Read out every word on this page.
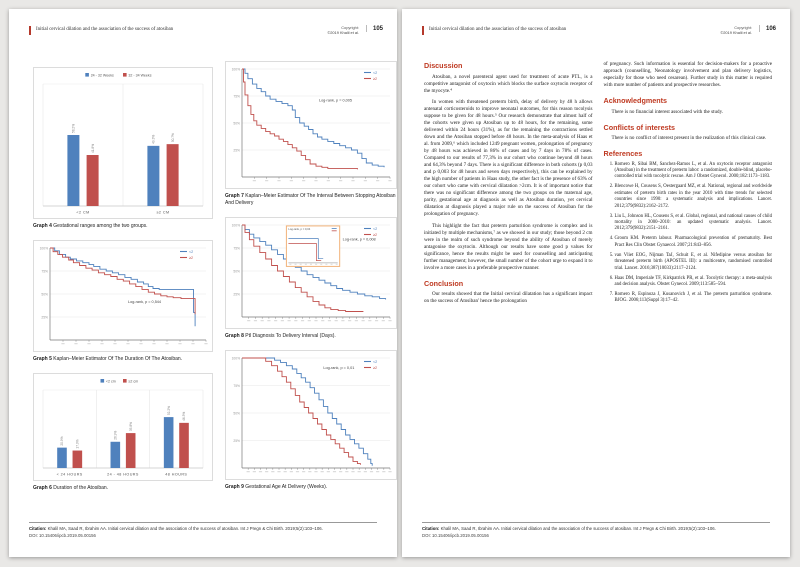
Initial cervical dilation and the association of the success of atosiban	Copyright:
©2019 Khalil et al.
105
24 - 32 Weeks	32 - 34 Weeks
58.2%
41.8%
<2 CM
49.3%	50.7%
≥2 CM
Graph 4 Gestational ranges among the two groups.
100%
75%
50%
25%
<2
≥2
Log-rank, p = 0,544
Graph 5 Kaplan–Meier Estimator Of The Duration Of The Atosiban.
<2 cm	≥2 cm
20.9%	17.9%
< 24 HOURS
26.9%
35.8%
24 - 48 HOURS
52.2%
46.3%
48 HOURS
Graph 6 Duration of the Atosiban.
100%
75%
50%
25%
<2
≥2
Log-rank, p = 0,005
Graph 7 Kaplan–Meier Estimator Of The Interval Between Stopping Atosiban And Delivery
100%
75%
50%
25%
<2
≥2
Log-rank, p = 0,008
Log-rank, p = 0,04
Graph 8 Ptl Diagnosis To Delivery Interval (Days).
100%
75%
50%
25%
<2
≥2
Log-rank, p = 0,01
Graph 9 Gestational Age At Delivery (Weeks).
Citation: Khalil MA, Saad R, Ibrahim AA. Initial cervical dilation and the association of the success of atosiban. Int J Pregn & Chi Birth. 2019;5(2):103‒106.
DOI: 10.15406/ipcb.2019.05.00156
Initial cervical dilation and the association of the success of atosiban	Copyright:
©2019 Khalil et al.
106
Discussion

Atosiban, a novel parenteral agent used for treatment of acute PTL, is a competitive antagonist of oxytocin which blocks the surface oxytocin receptor of the myocyte.⁴

In women with threatened preterm birth, delay of delivery by 48 h allows antenatal corticosteroids to improve neonatal outcomes, for this reason tocolysis suppose to be given for 48 hours.⁵ Our research demonstrate that almost half of the cohorts were given up Atosiban up to 48 hours, for the remaining, some delivered within 24 hours (31%), as for the remaining the contractions settled down and the Atosiban stopped before 48 hours. In the meta-analysis of Haas et al. from 2009,⁶ which included 1249 pregnant women, prolongation of pregnancy by 48 hours was achieved in 86% of cases and by 7 days in 78% of cases. Compared to our results of 77,3% in our cohort who continue beyond 48 hours and 64,3% beyond 7 days. There is a significant difference in both cohorts (p 0,03 and p 0,003 for 48 hours and seven days respectively), this can be explained by the high number of patients in Haas study, the other fact is the presence of 63% of our cohort who came with cervical dilatation >2cm. It is of important notice that there was no significant difference among the two groups on the maternal age, parity, gestational age at diagnosis as well as Atosiban duration, yet cervical dilatation at diagnosis played a major rule on the success of Atosiban for the prolongation of pregnancy.

This highlight the fact that preterm parturition syndrome is complex and is initiated by multiple mechanisms,⁷ as we showed in our study; those beyond 2 cm were in the realm of such syndrome beyond the ability of Atosiban of merely antagonise the oxytocin. Although our results have some good p values for significance, hence the results might be used for counselling and anticipating further management; however, the small number of the cohort urge to expand it to involve a more cases in a preferable prospective manner.

Conclusion

Our results showed that the Initial cervical dilatation has a significant impact on the success of Atosiban' hence the prolongation

of pregnancy. Such information is essential for decision-makers for a proactive approach (counselling, Neonatology involvement and plan delivery logistics, especially for those who need cesarean). Further study in this matter is required with more number of patients and prospective researches.

Acknowledgments

There is no financial interest associated with the study.

Conflicts of interests

There is no conflict of interest present in the realization of this clinical case.

References
1. Romero R, Sibai BM, Sanchez-Ramos L, et al. An oxytocin receptor antagonist (Atosiban) in the treatment of preterm labor: a randomized, double-blind, placebo-controlled trial with tocolytic rescue. Am J Obstet Gynecol. 2000;182:1173–1183.
2. Blencowe H, Cousens S, Oestergaard MZ, et al. National, regional and worldwide estimates of preterm birth rates in the year 2010 with time trends for selected countries since 1990: a systematic analysis and implications. Lancet. 2012;379(9832):2162–2172.
3. Liu L, Johnson HL, Cousens S, et al. Global, regional, and national causes of child mortality in 2000–2010: an updated systematic analysis. Lancet. 2012;379(9832):2151–2161.
4. Groom KM. Preterm labour. Pharmacological prevention of prematurity. Best Pract Res Clin Obstet Gynaecol. 2007;21:843–856.
5. van Vliet EOG, Nijman TaJ, Schuit E, et al. Nifedipine versus atosiban for threatened preterm birth (APOSTEL III): a multicentre, randomised controlled trial. Lancet. 2016;387(10033):2117–2124.
6. Haas DM, Imperiale TF, Kirkpatrick PR, et al. Tocolytic therapy: a meta-analysis and decision analysis. Obstet Gynecol. 2009;113:585–594.
7. Romero R, Espinoza J, Kusanovich J, et al. The preterm parturition syndrome. BJOG. 2006;113(Suppl 3):17–42.
Citation: Khalil MA, Saad R, Ibrahim AA. Initial cervical dilation and the association of the success of atosiban. Int J Pregn & Chi Birth. 2019;5(2):103‒106.
DOI: 10.15406/ipcb.2019.05.00156
